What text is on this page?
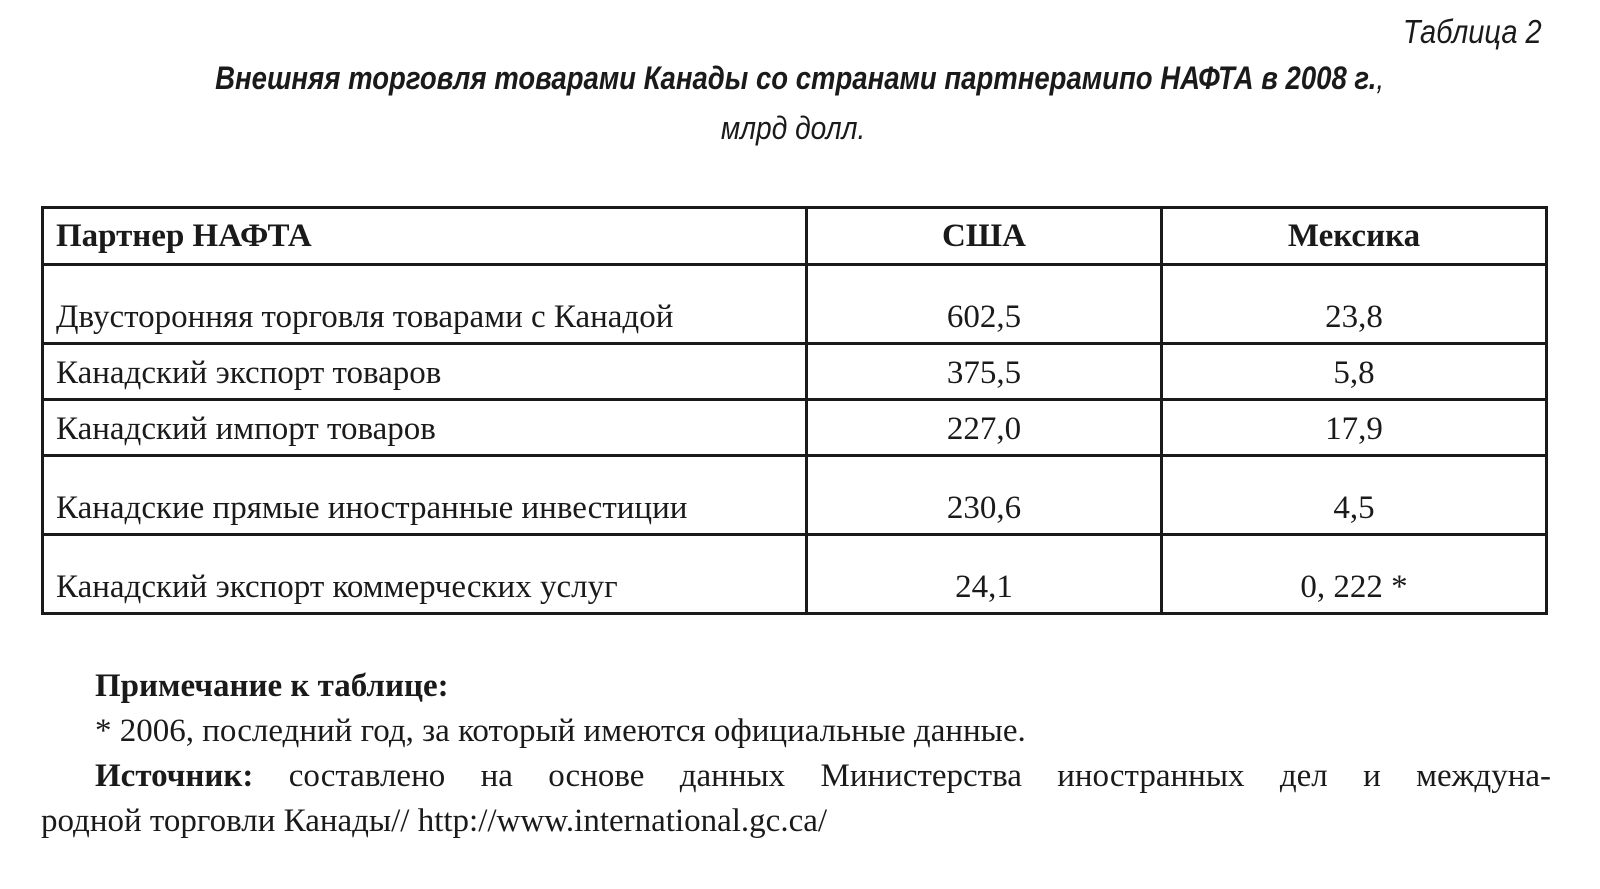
Таблица 2
Внешняя торговля товарами Канады со странами партнерамипо НАФТА в 2008 г.,
млрд долл.
Партнер НАФТА	США	Мексика
Двусторонняя торговля товарами с Канадой	602,5	23,8
Канадский экспорт товаров	375,5	5,8
Канадский импорт товаров	227,0	17,9
Канадские прямые иностранные инвестиции	230,6	4,5
Канадский экспорт коммерческих услуг	24,1	0, 222 *

Примечание к таблице:

* 2006, последний год, за который имеются официальные данные.

Источник: составлено на основе данных Министерства иностранных дел и междуна-

родной торговли Канады// http://www.international.gc.ca/
